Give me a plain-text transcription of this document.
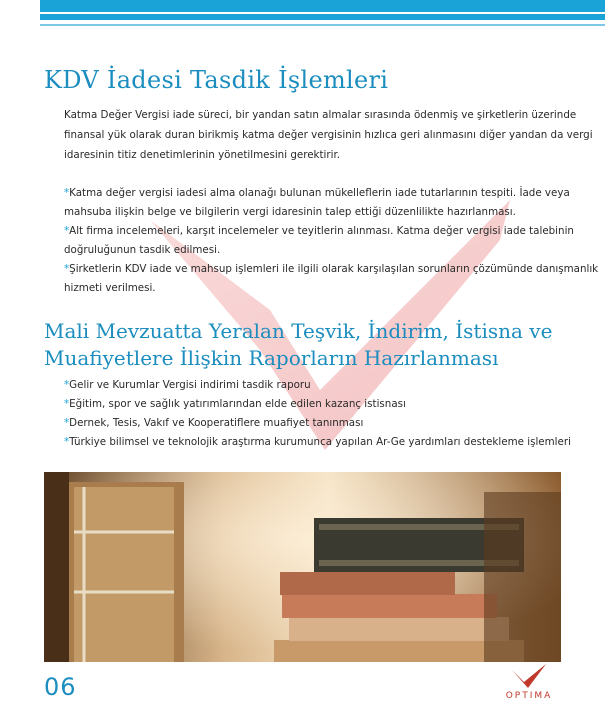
KDV İadesi Tasdik İşlemleri

Katma Değer Vergisi iade süreci, bir yandan satın almalar sırasında ödenmiş ve şirketlerin üzerinde
finansal yük olarak duran birikmiş katma değer vergisinin hızlıca geri alınmasını diğer yandan da vergi
idaresinin titiz denetimlerinin yönetilmesini gerektirir.

*Katma değer vergisi iadesi alma olanağı bulunan mükelleflerin iade tutarlarının tespiti. İade veya
mahsuba ilişkin belge ve bilgilerin vergi idaresinin talep ettiği düzenlilikte hazırlanması.
*Alt firma incelemeleri, karşıt incelemeler ve teyitlerin alınması. Katma değer vergisi iade talebinin
doğruluğunun tasdik edilmesi.
*Şirketlerin KDV iade ve mahsup işlemleri ile ilgili olarak karşılaşılan sorunların çözümünde danışmanlık
hizmeti verilmesi.
Mali Mevzuatta Yeralan Teşvik, İndirim, İstisna ve
Muafiyetlere İlişkin Raporların Hazırlanması
*Gelir ve Kurumlar Vergisi indirimi tasdik raporu
*Eğitim, spor ve sağlık yatırımlarından elde edilen kazanç istisnası
*Dernek, Tesis, Vakıf ve Kooperatiflere muafiyet tanınması
*Türkiye bilimsel ve teknolojik araştırma kurumunca yapılan Ar-Ge yardımları destekleme işlemleri
06	OPTIMA
